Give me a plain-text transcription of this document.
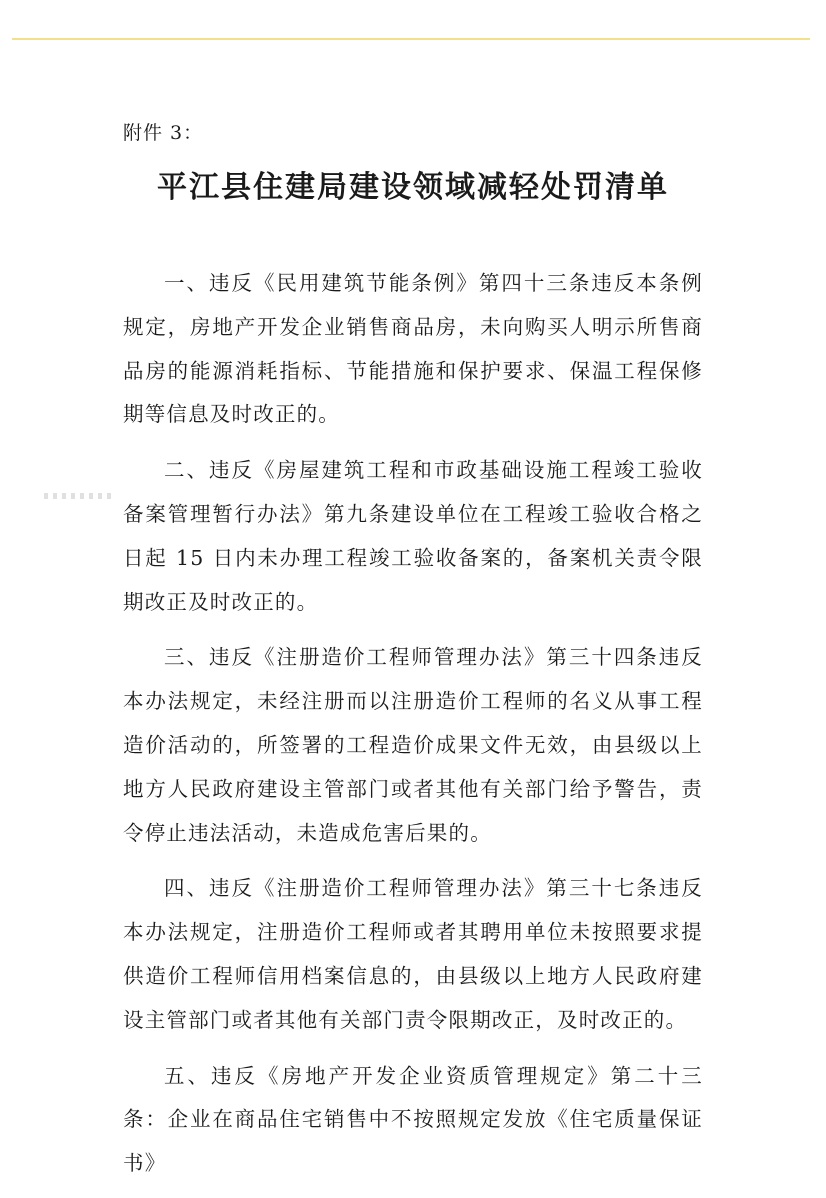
附件 3：

平江县住建局建设领域减轻处罚清单

一、违反《民用建筑节能条例》第四十三条违反本条例规定，房地产开发企业销售商品房，未向购买人明示所售商品房的能源消耗指标、节能措施和保护要求、保温工程保修期等信息及时改正的。

二、违反《房屋建筑工程和市政基础设施工程竣工验收备案管理暂行办法》第九条建设单位在工程竣工验收合格之日起 15 日内未办理工程竣工验收备案的，备案机关责令限期改正及时改正的。

三、违反《注册造价工程师管理办法》第三十四条违反本办法规定，未经注册而以注册造价工程师的名义从事工程造价活动的，所签署的工程造价成果文件无效，由县级以上地方人民政府建设主管部门或者其他有关部门给予警告，责令停止违法活动，未造成危害后果的。

四、违反《注册造价工程师管理办法》第三十七条违反本办法规定，注册造价工程师或者其聘用单位未按照要求提供造价工程师信用档案信息的，由县级以上地方人民政府建设主管部门或者其他有关部门责令限期改正，及时改正的。

五、违反《房地产开发企业资质管理规定》第二十三条：企业在商品住宅销售中不按照规定发放《住宅质量保证书》
